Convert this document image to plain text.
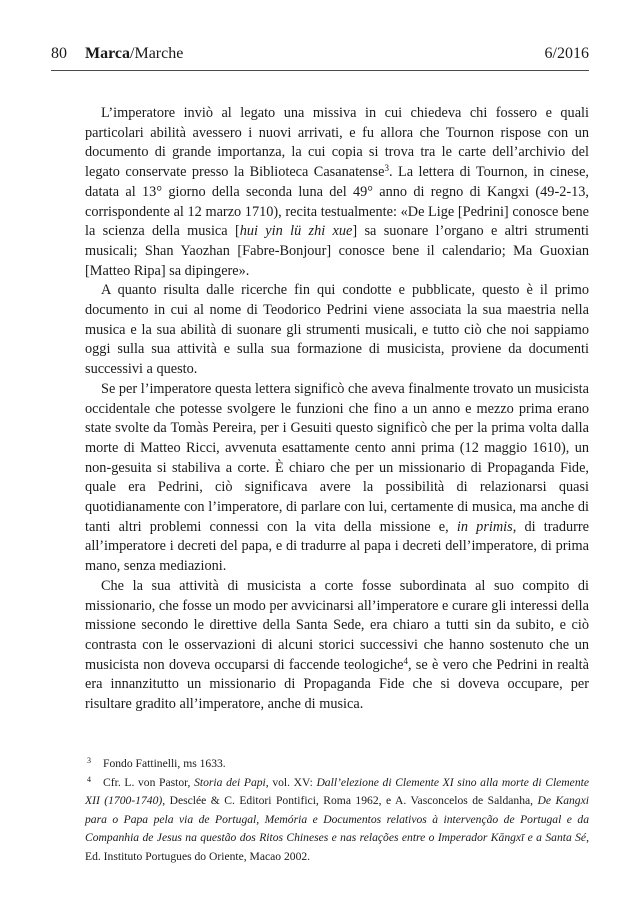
80 Marca/Marche	6/2016

L’imperatore inviò al legato una missiva in cui chiedeva chi fossero e quali particolari abilità avessero i nuovi arrivati, e fu allora che Tournon rispose con un documento di grande importanza, la cui copia si trova tra le carte dell’archivio del legato conservate presso la Biblioteca Casanatense$^3$. La lettera di Tournon, in cinese, datata al 13° giorno della seconda luna del 49° anno di regno di Kangxi (49-2-13, corrispondente al 12 marzo 1710), recita testualmente: «De Lige [Pedrini] conosce bene la scienza della musica [hui yin lü zhi xue] sa suonare l’organo e altri strumenti musicali; Shan Yaozhan [Fabre-Bonjour] conosce bene il calendario; Ma Guoxian [Matteo Ripa] sa dipingere».

A quanto risulta dalle ricerche fin qui condotte e pubblicate, questo è il primo documento in cui al nome di Teodorico Pedrini viene associata la sua maestria nella musica e la sua abilità di suonare gli strumenti musicali, e tutto ciò che noi sappiamo oggi sulla sua attività e sulla sua formazione di musicista, proviene da documenti successivi a questo.

Se per l’imperatore questa lettera significò che aveva finalmente trovato un musicista occidentale che potesse svolgere le funzioni che fino a un anno e mezzo prima erano state svolte da Tomàs Pereira, per i Gesuiti questo significò che per la prima volta dalla morte di Matteo Ricci, avvenuta esattamente cento anni prima (12 maggio 1610), un non-gesuita si stabiliva a corte. È chiaro che per un missionario di Propaganda Fide, quale era Pedrini, ciò significava avere la possibilità di relazionarsi quasi quotidianamente con l’imperatore, di parlare con lui, certamente di musica, ma anche di tanti altri problemi connessi con la vita della missione e, in primis, di tradurre all’imperatore i decreti del papa, e di tradurre al papa i decreti dell’imperatore, di prima mano, senza mediazioni.

Che la sua attività di musicista a corte fosse subordinata al suo compito di missionario, che fosse un modo per avvicinarsi all’imperatore e curare gli interessi della missione secondo le direttive della Santa Sede, era chiaro a tutti sin da subito, e ciò contrasta con le osservazioni di alcuni storici successivi che hanno sostenuto che un musicista non doveva occuparsi di faccende teologiche$^4$, se è vero che Pedrini in realtà era innanzitutto un missionario di Propaganda Fide che si doveva occupare, per risultare gradito all’imperatore, anche di musica.

3 Fondo Fattinelli, ms 1633.

4 Cfr. L. von Pastor, Storia dei Papi, vol. XV: Dall’elezione di Clemente XI sino alla morte di Clemente XII (1700-1740), Desclée & C. Editori Pontifici, Roma 1962, e A. Vasconcelos de Saldanha, De Kangxi para o Papa pela via de Portugal, Memória e Documentos relativos à intervenção de Portugal e da Companhia de Jesus na questão dos Ritos Chineses e nas relações entre o Imperador Kāngxī e a Santa Sé, Ed. Instituto Portugues do Oriente, Macao 2002.
